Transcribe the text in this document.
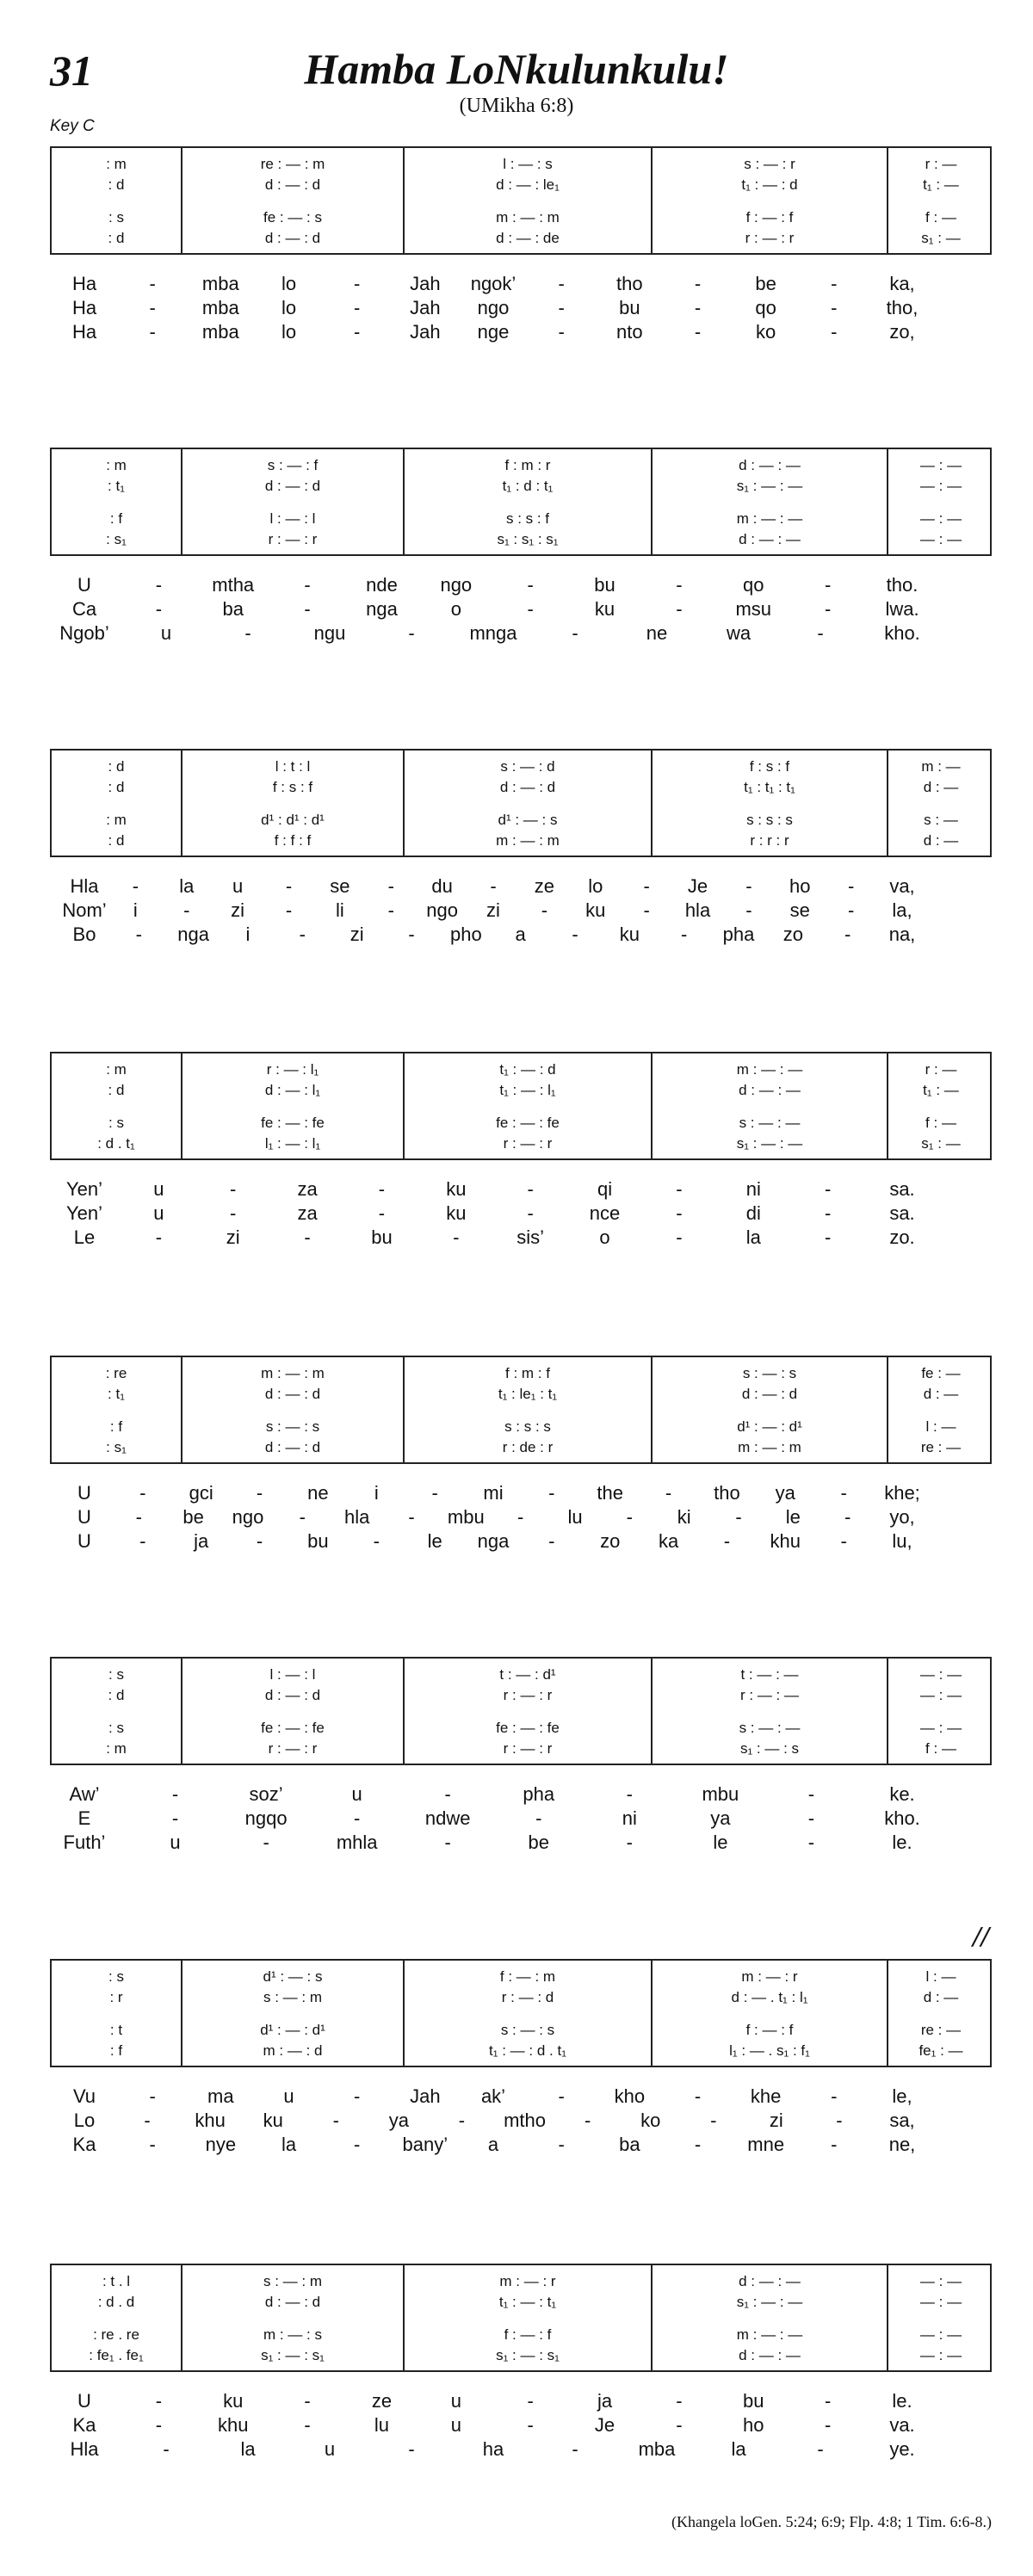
31	Hamba LoNkulunkulu!
(UMikha 6:8)
Key C
: m	re : — : m	l : — : s	s : — : r	r : —
: d	d : — : d	d : — : le₁	t₁ : — : d	t₁ : —
: s	fe : — : s	m : — : m	f : — : f	f : —
: d	d : — : d	d : — : de	r : — : r	s₁ : —
Ha	- mba lo	-	Jah ngok’ -	tho	-	be	-	ka,
Ha	- mba lo	-	Jah ngo	-	bu	-	qo	-	tho,
Ha	- mba lo	-	Jah nge	-	nto	-	ko	-	zo,
: m	s : — : f	f : m : r	d : — : —	— : —
: t₁	d : — : d	t₁ : d : t₁	s₁ : — : —	— : —
: f	l : — : l	s : s : f	m : — : —	— : —
: s₁	r : — : r	s₁ : s₁ : s₁	d : — : —	— : —
U	-	mtha	-	nde ngo	-	bu	-	qo	-	tho.
Ca	-	ba	-	nga	o	-	ku	-	msu	-	lwa.
Ngob’	u	-	ngu	-	mnga	-	ne	wa	-	kho.
: d	l : t : l	s : — : d	f : s : f	m : —
: d	f : s : f	d : — : d	t₁ : t₁ : t₁	d : —
: m	d¹ : d¹ : d¹	d¹ : — : s	s : s : s	s : —
: d	f : f : f	m : — : m	r : r : r	d : —
Hla - la u - se - du - ze lo - Je - ho - va,
Nom’ i - zi - li - ngo zi - ku - hla - se - la,
Bo - nga i	- zi - pho a - ku - pha zo - na,
: m	r : — : l₁	t₁ : — : d	m : — : —	r : —
: d	d : — : l₁	t₁ : — : l₁	d : — : —	t₁ : —
: s	fe : — : fe	fe : — : fe	s : — : —	f : —
: d . t₁	l₁ : — : l₁	r : — : r	s₁ : — : —	s₁ : —
Yen’	u	-	za	-	ku	-	qi	-	ni	-	sa.
Yen’	u	-	za	-	ku	-	nce	-	di	-	sa.
Le	-	zi	-	bu	-	sis’	o	-	la	-	zo.
: re	m : — : m	f : m : f	s : — : s	fe : —
: t₁	d : — : d	t₁ : le₁ : t₁	d : — : d	d : —
: f	s : — : s	s : s : s	d¹ : — : d¹	l : —
: s₁	d : — : d	r : de : r	m : — : m	re : —
U	- gci - ne i	- mi - the - tho ya - khe;
U - be ngo - hla - mbu - lu - ki - le - yo,
U	-	ja	- bu -	le nga - zo ka - khu - lu,
: s	l : — : l	t : — : d¹	t : — : —	— : —
: d	d : — : d	r : — : r	r : — : —	— : —
: s	fe : — : fe	fe : — : fe	s : — : —	— : —
: m	r : — : r	r : — : r	s₁ : — : s	f : —
Aw’	-	soz’	u	-	pha	-	mbu	-	ke.
E	-	ngqo	-	ndwe	-	ni	ya	-	kho.
Futh’	u	-	mhla	-	be	-	le	-	le.
: s	d¹ : — : s	f : — : m	m : — : r	l : —
: r	s : — : m	r : — : d	d : — . t₁ : l₁	d : —
: t	d¹ : — : d¹	s : — : s	f : — : f	re : —
: f	m : — : d	t₁ : — : d . t₁	l₁ : — . s₁ : f₁	fe₁ : —
Vu	-	ma	u	-	Jah ak’	-	kho	-	khe	-	le,
Lo	- khu ku	-	ya	- mtho -	ko	-	zi	- sa,
Ka	-	nye la	- bany’ a	-	ba	- mne -	ne,
: t . l	s : — : m	m : — : r	d : — : —	— : —
: d . d	d : — : d	t₁ : — : t₁	s₁ : — : —	— : —
: re . re	m : — : s	f : — : f	m : — : —	— : —
: fe₁ . fe₁	s₁ : — : s₁	s₁ : — : s₁	d : — : —	— : —
U	-	ku	-	ze	u	-	ja	-	bu	-	le.
Ka	-	khu	-	lu	u	-	Je	-	ho	-	va.
Hla	-	la	u	-	ha	-	mba	la	-	ye.
//
(Khangela loGen. 5:24; 6:9; Flp. 4:8; 1 Tim. 6:6-8.)
